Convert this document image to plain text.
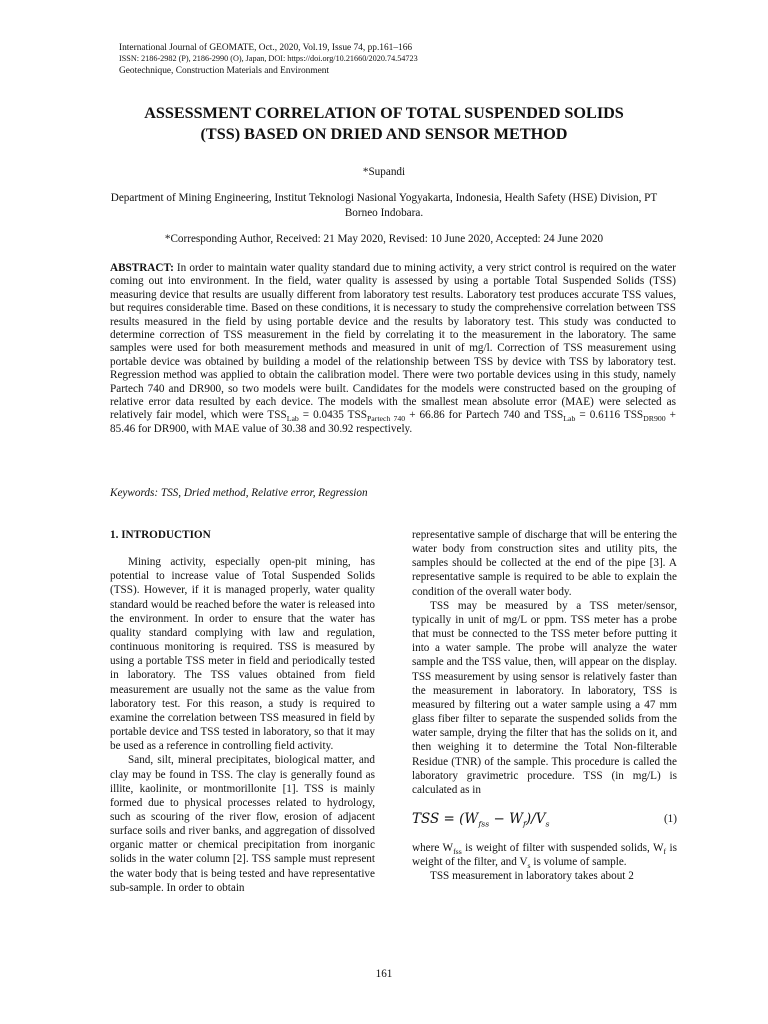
International Journal of GEOMATE, Oct., 2020, Vol.19, Issue 74, pp.161–166
ISSN: 2186-2982 (P), 2186-2990 (O), Japan, DOI: https://doi.org/10.21660/2020.74.54723
Geotechnique, Construction Materials and Environment
ASSESSMENT CORRELATION OF TOTAL SUSPENDED SOLIDS
(TSS) BASED ON DRIED AND SENSOR METHOD
*Supandi
Department of Mining Engineering, Institut Teknologi Nasional Yogyakarta, Indonesia, Health Safety (HSE) Division, PT Borneo Indobara.
*Corresponding Author, Received: 21 May 2020, Revised: 10 June 2020, Accepted: 24 June 2020
ABSTRACT: In order to maintain water quality standard due to mining activity, a very strict control is required on the water coming out into environment. In the field, water quality is assessed by using a portable Total Suspended Solids (TSS) measuring device that results are usually different from laboratory test results. Laboratory test produces accurate TSS values, but requires considerable time. Based on these conditions, it is necessary to study the comprehensive correlation between TSS results measured in the field by using portable device and the results by laboratory test. This study was conducted to determine correction of TSS measurement in the field by correlating it to the measurement in the laboratory. The same samples were used for both measurement methods and measured in unit of mg/l. Correction of TSS measurement using portable device was obtained by building a model of the relationship between TSS by device with TSS by laboratory test. Regression method was applied to obtain the calibration model. There were two portable devices using in this study, namely Partech 740 and DR900, so two models were built. Candidates for the models were constructed based on the grouping of relative error data resulted by each device. The models with the smallest mean absolute error (MAE) were selected as relatively fair model, which were $TSS_{Lab} = 0.0435$ $TSS_{Partech 740} + 66.86$ for Partech 740 and $TSS_{Lab} = 0.6116$ $TSS_{DR900} + 85.46$ for DR900, with MAE value of 30.38 and 30.92 respectively.
Keywords: TSS, Dried method, Relative error, Regression
1. INTRODUCTION

Mining activity, especially open-pit mining, has potential to increase value of Total Suspended Solids (TSS). However, if it is managed properly, water quality standard would be reached before the water is released into the environment. In order to ensure that the water has quality standard complying with law and regulation, continuous monitoring is required. TSS is measured by using a portable TSS meter in field and periodically tested in laboratory. The TSS values obtained from field measurement are usually not the same as the value from laboratory test. For this reason, a study is required to examine the correlation between TSS measured in field by portable device and TSS tested in laboratory, so that it may be used as a reference in controlling field activity.

Sand, silt, mineral precipitates, biological matter, and clay may be found in TSS. The clay is generally found as illite, kaolinite, or montmorillonite [1]. TSS is mainly formed due to physical processes related to hydrology, such as scouring of the river flow, erosion of adjacent surface soils and river banks, and aggregation of dissolved organic matter or chemical precipitation from inorganic solids in the water column [2]. TSS sample must represent the water body that is being tested and have representative sub-sample. In order to obtain

representative sample of discharge that will be entering the water body from construction sites and utility pits, the samples should be collected at the end of the pipe [3]. A representative sample is required to be able to explain the condition of the overall water body.

TSS may be measured by a TSS meter/sensor, typically in unit of mg/L or ppm. TSS meter has a probe that must be connected to the TSS meter before putting it into a water sample. The probe will analyze the water sample and the TSS value, then, will appear on the display. TSS measurement by using sensor is relatively faster than the measurement in laboratory. In laboratory, TSS is measured by filtering out a water sample using a 47 mm glass fiber filter to separate the suspended solids from the water sample, drying the filter that has the solids on it, and then weighing it to determine the Total Non-filterable Residue (TNR) of the sample. This procedure is called the laboratory gravimetric procedure. TSS (in mg/L) is calculated as in

TSS = $(W_{fss} - W_f)/V_s$	(1)

where $W_{fss}$ is weight of filter with suspended solids, $W_f$ is weight of the filter, and $V_s$ is volume of sample.

TSS measurement in laboratory takes about 2

161
